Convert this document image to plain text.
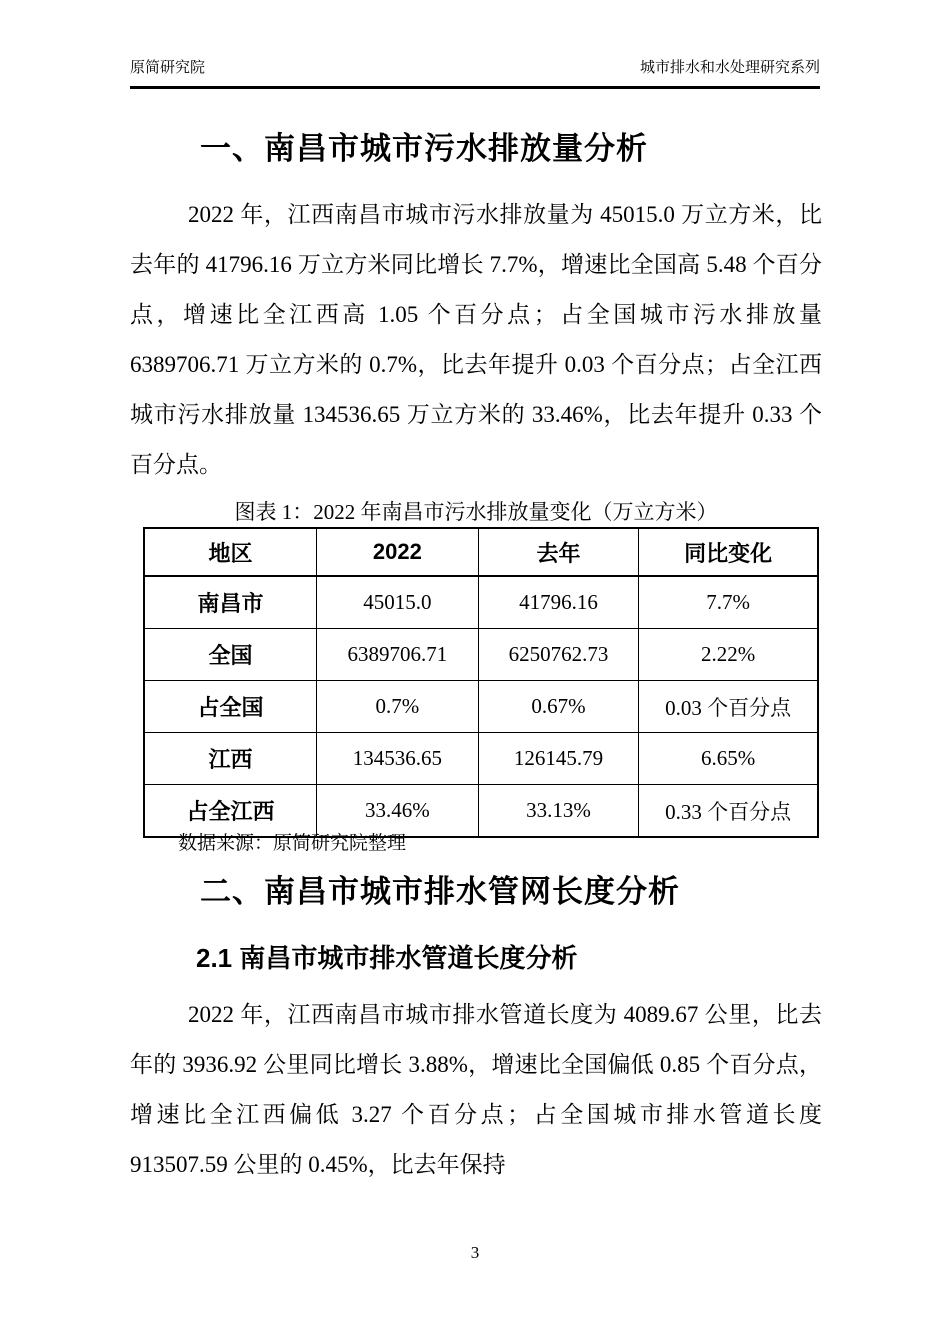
原简研究院	城市排水和水处理研究系列
一、南昌市城市污水排放量分析
2022 年，江西南昌市城市污水排放量为 45015.0 万立方米，比去年的 41796.16 万立方米同比增长 7.7%，增速比全国高 5.48 个百分点，增速比全江西高 1.05 个百分点；占全国城市污水排放量 6389706.71 万立方米的 0.7%，比去年提升 0.03 个百分点；占全江西城市污水排放量 134536.65 万立方米的 33.46%，比去年提升 0.33 个百分点。
图表 1：2022 年南昌市污水排放量变化（万立方米）
地区	2022	去年	同比变化
南昌市	45015.0	41796.16	7.7%
全国	6389706.71	6250762.73	2.22%
占全国	0.7%	0.67%	0.03 个百分点
江西	134536.65	126145.79	6.65%
占全江西	33.46%	33.13%	0.33 个百分点
数据来源：原简研究院整理
二、南昌市城市排水管网长度分析
2.1 南昌市城市排水管道长度分析
2022 年，江西南昌市城市排水管道长度为 4089.67 公里，比去年的 3936.92 公里同比增长 3.88%，增速比全国偏低 0.85 个百分点，增速比全江西偏低 3.27 个百分点；占全国城市排水管道长度 913507.59 公里的 0.45%，比去年保持
3
